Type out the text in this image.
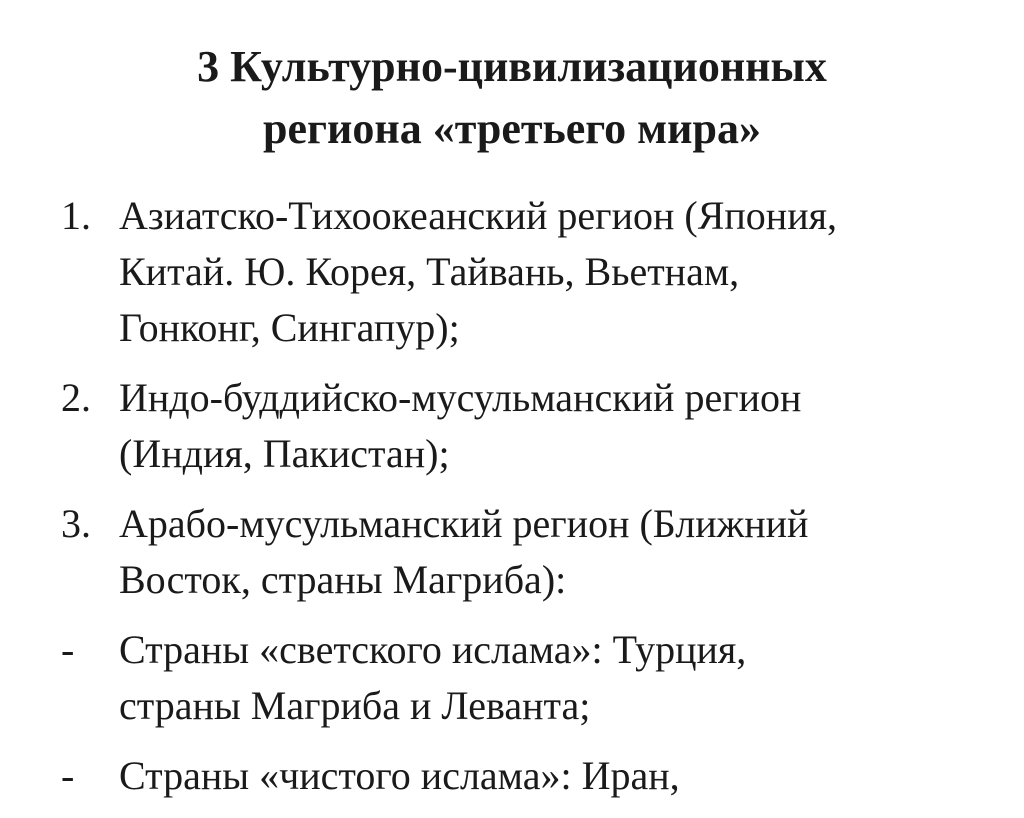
3 Культурно-цивилизационных
региона «третьего мира»
1. Азиатско-Тихоокеанский регион (Япония,
Китай. Ю. Корея, Тайвань, Вьетнам,
Гонконг, Сингапур);
2. Индо-буддийско-мусульманский регион
(Индия, Пакистан);
3. Арабо-мусульманский регион (Ближний
Восток, страны Магриба):
- Страны «светского ислама»: Турция,
страны Магриба и Леванта;
- Страны «чистого ислама»: Иран,
